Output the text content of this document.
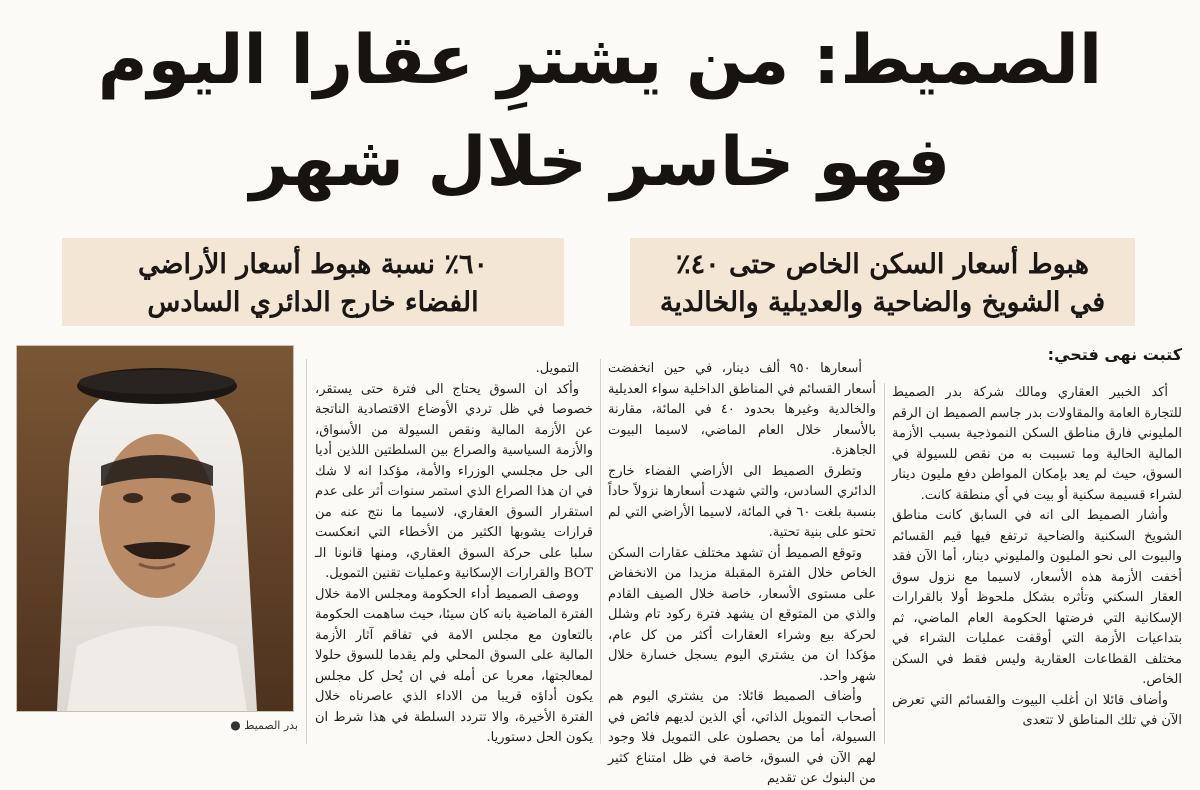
الصميط: من يشترِ عقارا اليوم
فهو خاسر خلال شهر
هبوط أسعار السكن الخاص حتى ٤٠٪
في الشويخ والضاحية والعديلية والخالدية
٦٠٪ نسبة هبوط أسعار الأراضي
الفضاء خارج الدائري السادس
كتبت نهى فتحي:
بدر الصميط ●

أكد الخبير العقاري ومالك شركة بدر الصميط للتجارة العامة والمقاولات بدر جاسم الصميط ان الرقم المليوني فارق مناطق السكن النموذجية بسبب الأزمة المالية الحالية وما تسببت به من نقص للسيولة في السوق، حيث لم يعد بإمكان المواطن دفع مليون دينار لشراء قسيمة سكنية أو بيت في أي منطقة كانت.

وأشار الصميط الى انه في السابق كانت مناطق الشويخ السكنية والضاحية ترتفع فيها قيم القسائم والبيوت الى نحو المليون والمليوني دينار، أما الآن فقد أخفت الأزمة هذه الأسعار، لاسيما مع نزول سوق العقار السكني وتأثره بشكل ملحوظ أولا بالقرارات الإسكانية التي فرضتها الحكومة العام الماضي، ثم بتداعيات الأزمة التي أوقفت عمليات الشراء في مختلف القطاعات العقارية وليس فقط في السكن الخاص.

وأضاف قائلا ان أغلب البيوت والقسائم التي تعرض الآن في تلك المناطق لا تتعدى

أسعارها ٩٥٠ ألف دينار، في حين انخفضت أسعار القسائم في المناطق الداخلية سواء العديلية والخالدية وغيرها بحدود ٤٠ في المائة، مقارنة بالأسعار خلال العام الماضي، لاسيما البيوت الجاهزة.

وتطرق الصميط الى الأراضي الفضاء خارج الدائري السادس، والتي شهدت أسعارها نزولاً حاداً بنسبة بلغت ٦٠ في المائة، لاسيما الأراضي التي لم تحتو على بنية تحتية.

وتوقع الصميط أن تشهد مختلف عقارات السكن الخاص خلال الفترة المقبلة مزيدا من الانخفاض على مستوى الأسعار، خاصة خلال الصيف القادم والذي من المتوقع ان يشهد فترة ركود تام وشلل لحركة بيع وشراء العقارات أكثر من كل عام، مؤكدا ان من يشتري اليوم يسجل خسارة خلال شهر واحد.

وأضاف الصميط قائلا: من يشتري اليوم هم أصحاب التمويل الذاتي، أي الذين لديهم فائض في السيولة، أما من يحصلون على التمويل فلا وجود لهم الآن في السوق، خاصة في ظل امتناع كثير من البنوك عن تقديم

التمويل.

وأكد ان السوق يحتاج الى فترة حتى يستقر، خصوصا في ظل تردي الأوضاع الاقتصادية الناتجة عن الأزمة المالية ونقص السيولة من الأسواق، والأزمة السياسية والصراع بين السلطتين اللذين أديا الى حل مجلسي الوزراء والأمة، مؤكدا انه لا شك في ان هذا الصراع الذي استمر سنوات أثر على عدم استقرار السوق العقاري، لاسيما ما نتج عنه من قرارات يشوبها الكثير من الأخطاء التي انعكست سلبا على حركة السوق العقاري، ومنها قانونا الـ BOT والقرارات الإسكانية وعمليات تقنين التمويل.

ووصف الصميط أداء الحكومة ومجلس الامة خلال الفترة الماضية بانه كان سيئا، حيث ساهمت الحكومة بالتعاون مع مجلس الامة في تفاقم آثار الأزمة المالية على السوق المحلي ولم يقدما للسوق حلولا لمعالجتها، معربا عن أمله في ان يُحل كل مجلس يكون أداؤه قريبا من الاداء الذي عاصرناه خلال الفترة الأخيرة، والا تتردد السلطة في هذا شرط ان يكون الحل دستوريا.
